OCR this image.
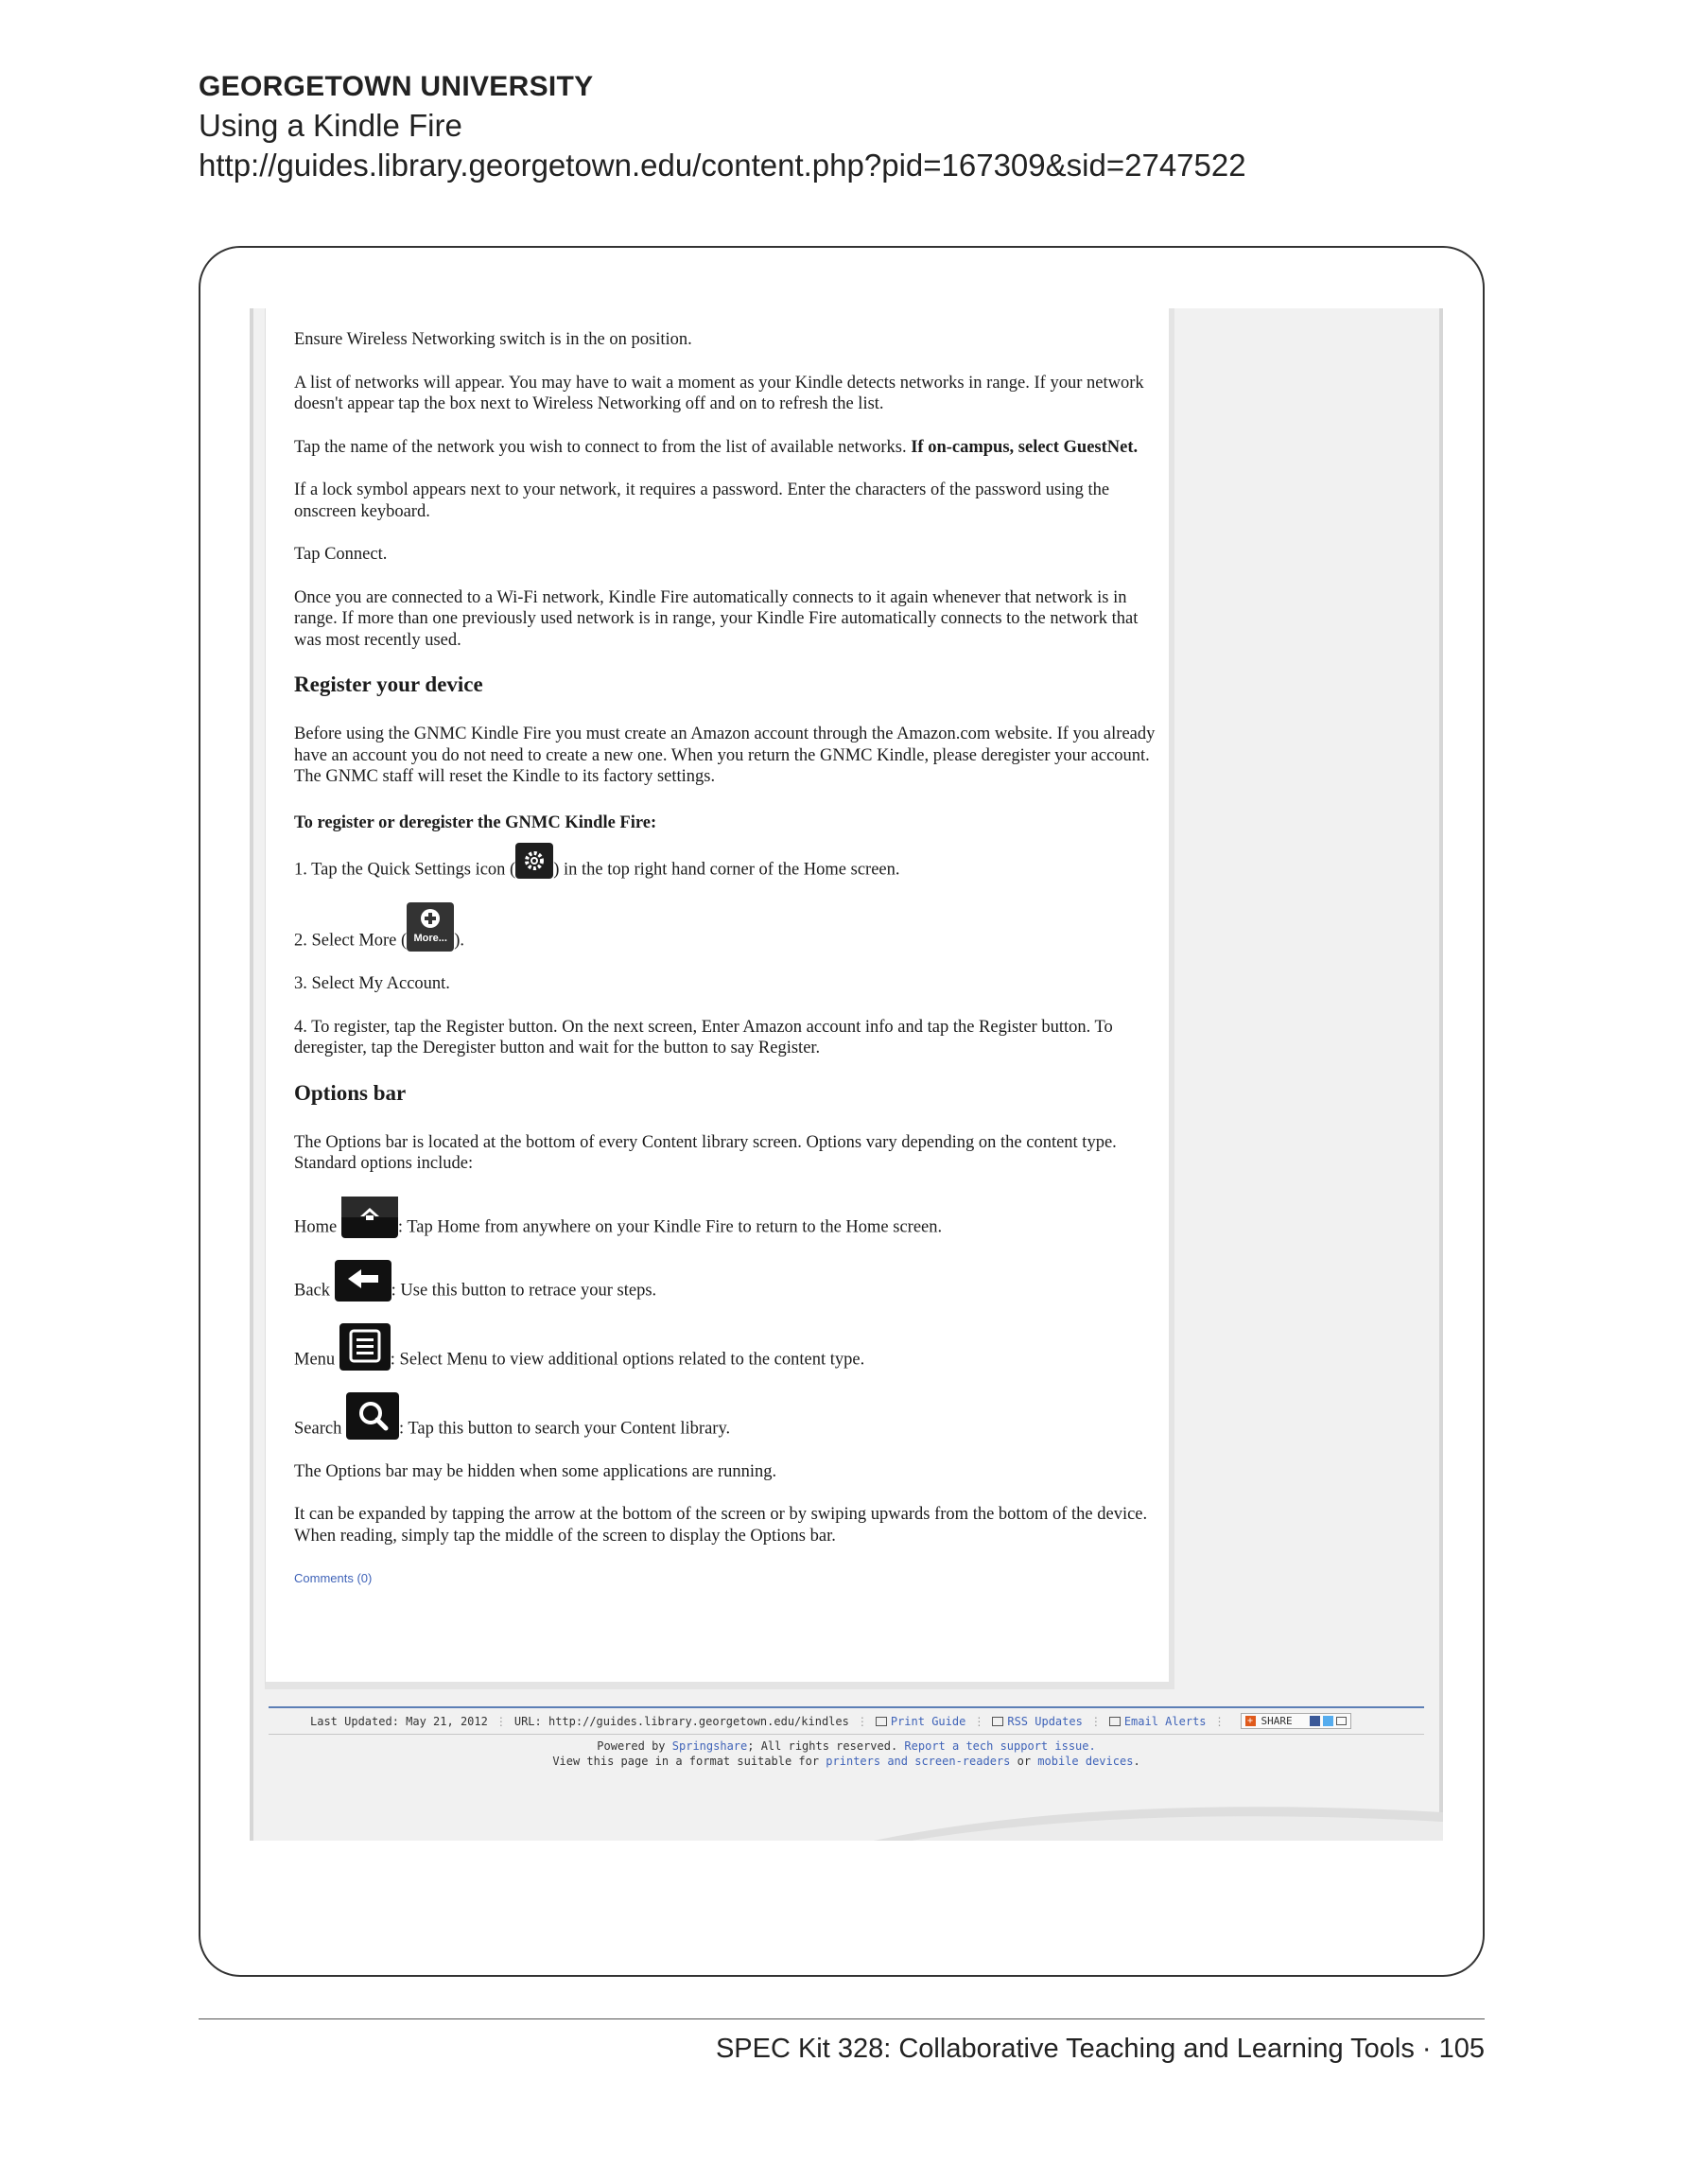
GEORGETOWN UNIVERSITY
Using a Kindle Fire
http://guides.library.georgetown.edu/content.php?pid=167309&sid=2747522

Ensure Wireless Networking switch is in the on position.

A list of networks will appear. You may have to wait a moment as your Kindle detects networks in range. If your network doesn't appear tap the box next to Wireless Networking off and on to refresh the list.

Tap the name of the network you wish to connect to from the list of available networks. If on-campus, select GuestNet.

If a lock symbol appears next to your network, it requires a password. Enter the characters of the password using the onscreen keyboard.

Tap Connect.

Once you are connected to a Wi-Fi network, Kindle Fire automatically connects to it again whenever that network is in range. If more than one previously used network is in range, your Kindle Fire automatically connects to the network that was most recently used.

Register your device

Before using the GNMC Kindle Fire you must create an Amazon account through the Amazon.com website. If you already have an account you do not need to create a new one. When you return the GNMC Kindle, please deregister your account. The GNMC staff will reset the Kindle to its factory settings.

To register or deregister the GNMC Kindle Fire:

1. Tap the Quick Settings icon ( ) in the top right hand corner of the Home screen.

2. Select More ( More... ).

3. Select My Account.

4. To register, tap the Register button. On the next screen, Enter Amazon account info and tap the Register button. To deregister, tap the Deregister button and wait for the button to say Register.

Options bar

The Options bar is located at the bottom of every Content library screen. Options vary depending on the content type.

Standard options include:

Home	: Tap Home from anywhere on your Kindle Fire to return to the Home screen.

Back	: Use this button to retrace your steps.

Menu	: Select Menu to view additional options related to the content type.

Search	: Tap this button to search your Content library.

The Options bar may be hidden when some applications are running.

It can be expanded by tapping the arrow at the bottom of the screen or by swiping upwards from the bottom of the device. When reading, simply tap the middle of the screen to display the Options bar.

Comments (0)
Last Updated: May 21, 2012 ⋮ URL: http://guides.library.georgetown.edu/kindles ⋮ Print Guide ⋮ RSS Updates ⋮ Email Alerts ⋮ + SHARE
Powered by Springshare; All rights reserved. Report a tech support issue.
View this page in a format suitable for printers and screen-readers or mobile devices.
SPEC Kit 328: Collaborative Teaching and Learning Tools · 105
